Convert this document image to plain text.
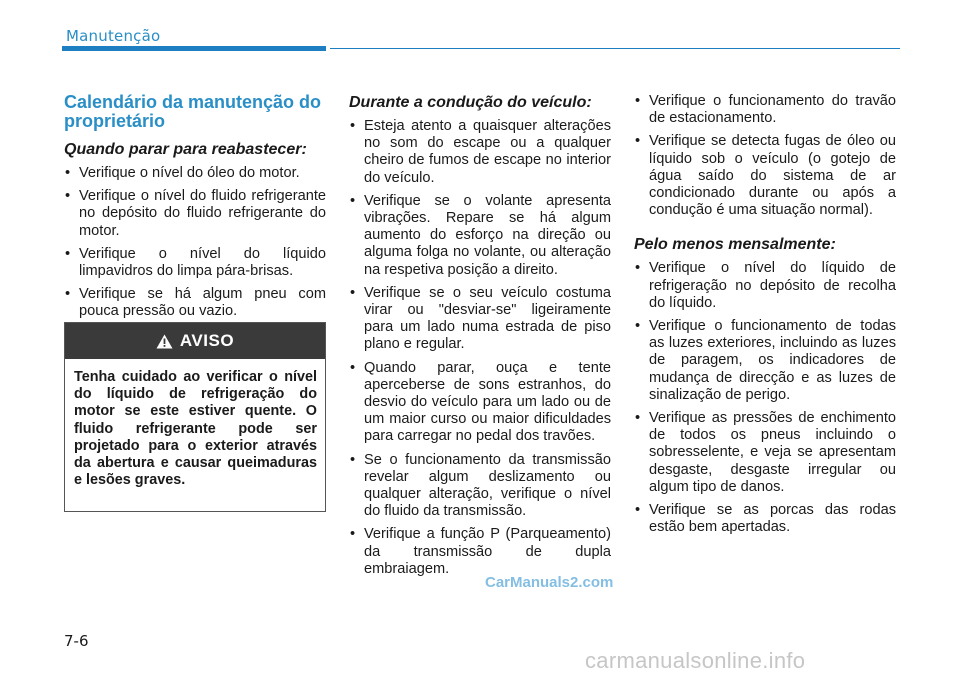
Manutenção
Calendário da manutenção do proprietário
Quando parar para reabastecer:
• Verifique o nível do óleo do motor.
• Verifique o nível do fluido refrigerante no depósito do fluido refrigerante do motor.
• Verifique o nível do líquido limpavidros do limpa pára-brisas.
• Verifique se há algum pneu com pouca pressão ou vazio.
AVISO
Tenha cuidado ao verificar o nível do líquido de refrigeração do motor se este estiver quente. O fluido refrigerante pode ser projetado para o exterior através da abertura e causar queimaduras e lesões graves.
Durante a condução do veículo:
• Esteja atento a quaisquer alterações no som do escape ou a qualquer cheiro de fumos de escape no interior do veículo.
• Verifique se o volante apresenta vibrações. Repare se há algum aumento do esforço na direção ou alguma folga no volante, ou alteração na respetiva posição a direito.
• Verifique se o seu veículo costuma virar ou "desviar-se" ligeiramente para um lado numa estrada de piso plano e regular.
• Quando parar, ouça e tente aperceberse de sons estranhos, do desvio do veículo para um lado ou de um maior curso ou maior dificuldades para carregar no pedal dos travões.
• Se o funcionamento da transmissão revelar algum deslizamento ou qualquer alteração, verifique o nível do fluido da transmissão.
• Verifique a função P (Parqueamento) da transmissão de dupla embraiagem.
• Verifique o funcionamento do travão de estacionamento.
• Verifique se detecta fugas de óleo ou líquido sob o veículo (o gotejo de água saído do sistema de ar condicionado durante ou após a condução é uma situação normal).
Pelo menos mensalmente:
• Verifique o nível do líquido de refrigeração no depósito de recolha do líquido.
• Verifique o funcionamento de todas as luzes exteriores, incluindo as luzes de paragem, os indicadores de mudança de direcção e as luzes de sinalização de perigo.
• Verifique as pressões de enchimento de todos os pneus incluindo o sobresselente, e veja se apresentam desgaste, desgaste irregular ou algum tipo de danos.
• Verifique se as porcas das rodas estão bem apertadas.
7-6
CarManuals2.com
carmanualsonline.info
